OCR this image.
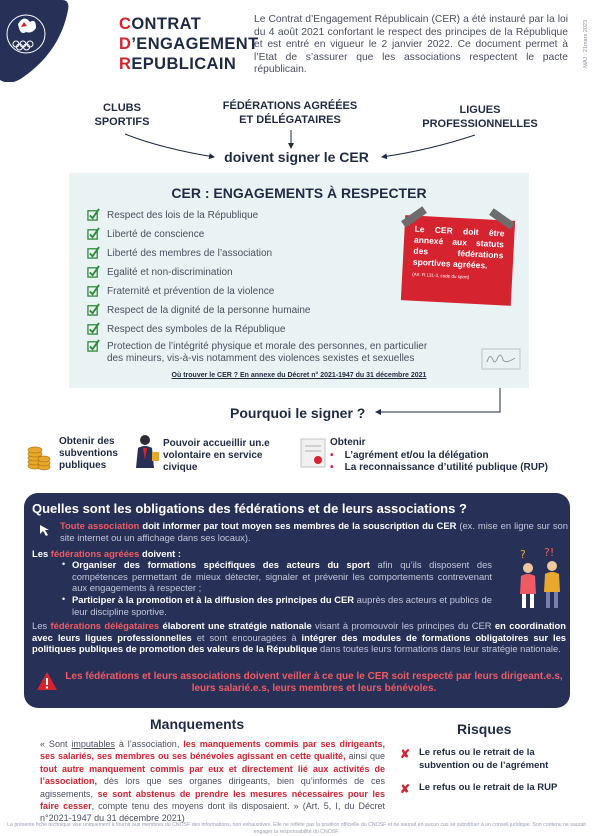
CONTRAT
D’ENGAGEMENT
REPUBLICAIN
Le Contrat d’Engagement Républicain (CER) a été instauré par la loi du 4 août 2021 confortant le respect des principes de la République et est entré en vigueur le 2 janvier 2022. Ce document permet à l’Etat de s’assurer que les associations respectent le pacte républicain.
MAJ : 21mars 2023
CLUBS
SPORTIFS
FÉDÉRATIONS AGRÉÉES
ET DÉLÉGATAIRES
LIGUES
PROFESSIONNELLES
doivent signer le CER
CER : ENGAGEMENTS À RESPECTER
Respect des lois de la République
Liberté de conscience
Liberté des membres de l’association
Egalité et non-discrimination
Fraternité et prévention de la violence
Respect de la dignité de la personne humaine
Respect des symboles de la République
Protection de l’intégrité physique et morale des personnes, en particulier
des mineurs, vis-à-vis notamment des violences sexistes et sexuelles
Le CER doit être annexé aux statuts des fédérations sportives agréées.
(Art. R.131-3, code du sport)
Où trouver le CER ? En annexe du Décret n° 2021-1947 du 31 décembre 2021
Pourquoi le signer ?
Obtenir des
subventions
publiques
Pouvoir accueillir un.e
volontaire en service
civique
Obtenir
• L’agrément et/ou la délégation
• La reconnaissance d’utilité publique (RUP)
Quelles sont les obligations des fédérations et de leurs associations ?
Toute association doit informer par tout moyen ses membres de la souscription du CER (ex. mise en ligne sur son site internet ou un affichage dans ses locaux).
Les fédérations agréées doivent :
Organiser des formations spécifiques des acteurs du sport afin qu’ils disposent des compétences permettant de mieux détecter, signaler et prévenir les comportements contrevenant aux engagements à respecter ;
Participer à la promotion et à la diffusion des principes du CER auprès des acteurs et publics de leur discipline sportive.
•
•
? ?!
Les fédérations délégataires élaborent une stratégie nationale visant à promouvoir les principes du CER en coordination avec leurs ligues professionnelles et sont encouragées à intégrer des modules de formations obligatoires sur les politiques publiques de promotion des valeurs de la République dans toutes leurs formations dans leur stratégie nationale.
Les fédérations et leurs associations doivent veiller à ce que le CER soit respecté par leurs dirigeant.e.s, leurs salarié.e.s, leurs membres et leurs bénévoles.
Manquements
« Sont imputables à l’association, les manquements commis par ses dirigeants, ses salariés, ses membres ou ses bénévoles agissant en cette qualité, ainsi que tout autre manquement commis par eux et directement lié aux activités de l’association, dès lors que ses organes dirigeants, bien qu’informés de ces agissements, se sont abstenus de prendre les mesures nécessaires pour les faire cesser, compte tenu des moyens dont ils disposaient. » (Art. 5, I, du Décret n°2021-1947 du 31 décembre 2021)
Risques
✘ Le refus ou le retrait de la
subvention ou de l’agrément
✘ Le refus ou le retrait de la RUP
La présente fiche technique vise uniquement à fournir aux membres du CNOSF des informations, non exhaustives. Elle ne reflète pas la position officielle du CNOSF et ne saurait en aucun cas se substituer à un conseil juridique. Son contenu ne saurait engager la responsabilité du CNOSF.
